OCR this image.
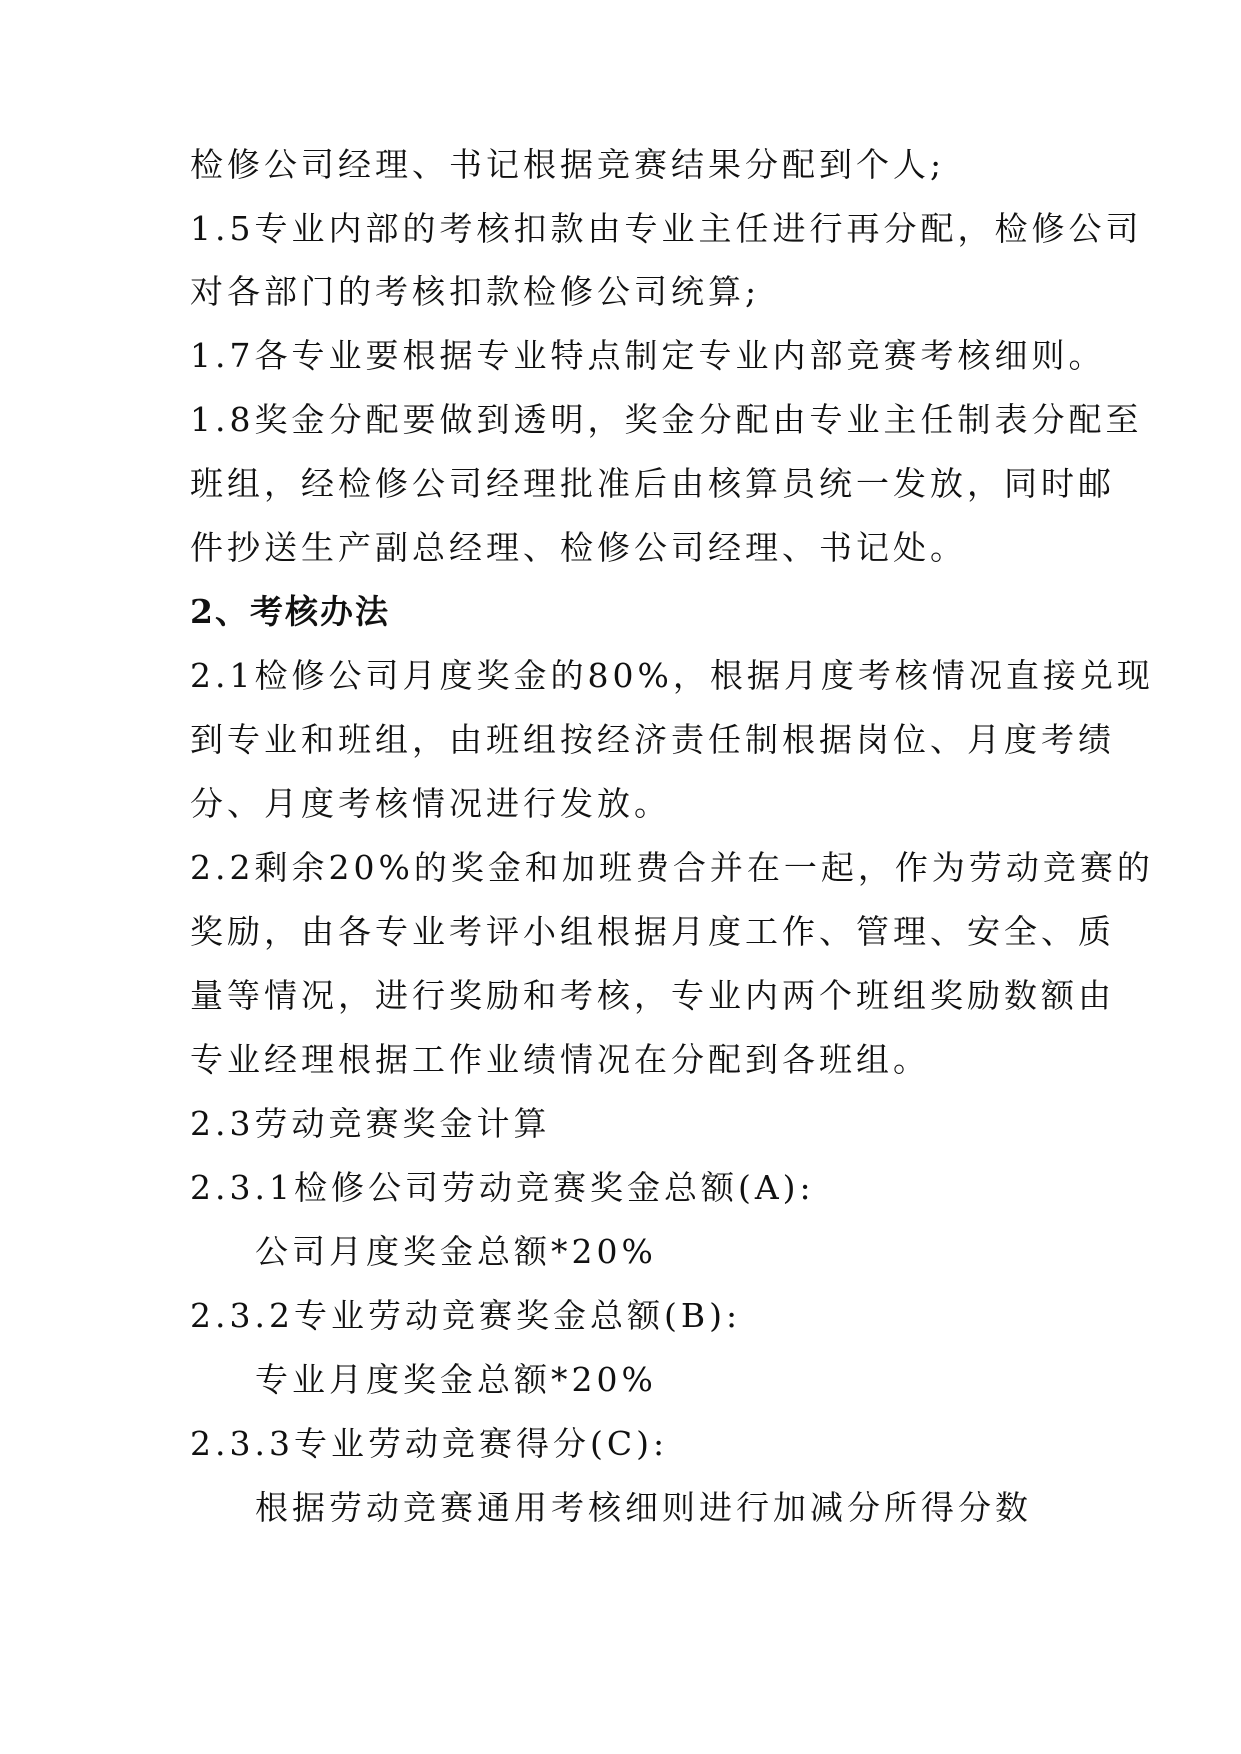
检修公司经理、书记根据竞赛结果分配到个人;
1.5专业内部的考核扣款由专业主任进行再分配，检修公司
对各部门的考核扣款检修公司统算;
1.7各专业要根据专业特点制定专业内部竞赛考核细则。
1.8奖金分配要做到透明，奖金分配由专业主任制表分配至
班组，经检修公司经理批准后由核算员统一发放，同时邮
件抄送生产副总经理、检修公司经理、书记处。
2、考核办法
2.1检修公司月度奖金的80%，根据月度考核情况直接兑现
到专业和班组，由班组按经济责任制根据岗位、月度考绩
分、月度考核情况进行发放。
2.2剩余20%的奖金和加班费合并在一起，作为劳动竞赛的
奖励，由各专业考评小组根据月度工作、管理、安全、质
量等情况，进行奖励和考核，专业内两个班组奖励数额由
专业经理根据工作业绩情况在分配到各班组。
2.3劳动竞赛奖金计算
2.3.1检修公司劳动竞赛奖金总额(A):
公司月度奖金总额*20%
2.3.2专业劳动竞赛奖金总额(B):
专业月度奖金总额*20%
2.3.3专业劳动竞赛得分(C):
根据劳动竞赛通用考核细则进行加减分所得分数
